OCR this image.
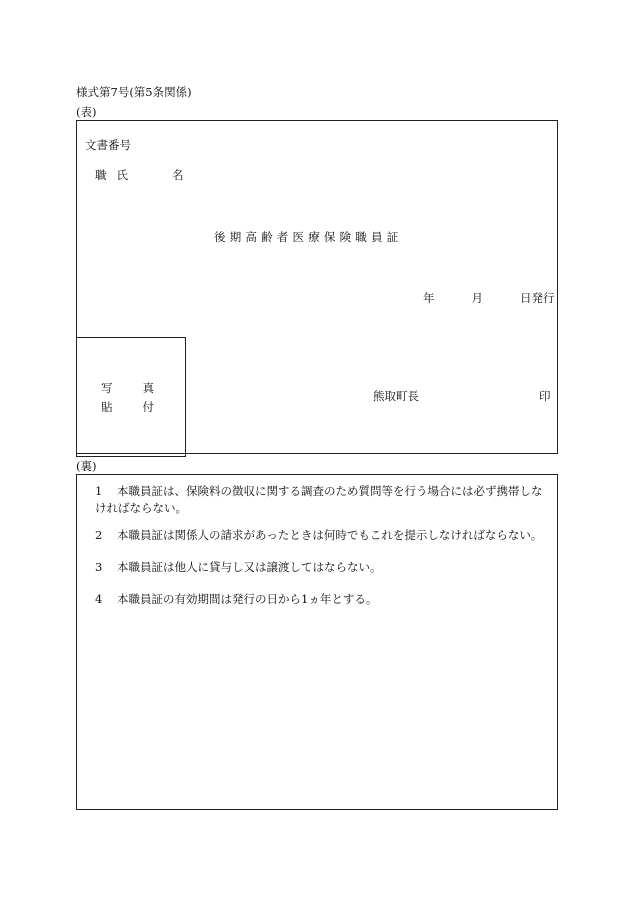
様式第7号(第5条関係)
(表)
文書番号
職 氏	名
後期高齢者医療保険職員証
年	月	日発行
写	真
貼	付
熊取町長	印
(裏)
1 本職員証は、保険料の徴収に関する調査のため質問等を行う場合には必ず携帯しな
ければならない。
2 本職員証は関係人の請求があったときは何時でもこれを提示しなければならない。
3 本職員証は他人に貸与し又は譲渡してはならない。
4 本職員証の有効期間は発行の日から1ヵ年とする。
